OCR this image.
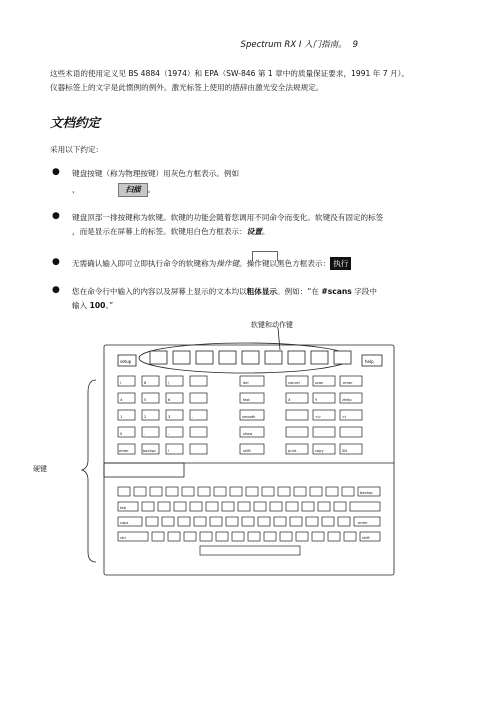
Spectrum RX I 入门指南。 9
这些术语的使用定义见 BS 4884（1974）和 EPA（SW-846 第 1 章中的质量保证要求，1991 年 7 月）。
仪器标签上的文字是此惯例的例外。激光标签上使用的措辞由激光安全法规规定。
文档约定
采用以下约定：
● 键盘按键（称为物理按键）用灰色方框表示。例如
，	扫描 。
● 键盘顶部一排按键称为软键。软键的功能会随着您调用不同命令而变化。软键没有固定的标签
，而是显示在屏幕上的标签。软键用白色方框表示：设置。
● 无需确认输入即可立即执行命令的软键称为操作键。操作键以黑色方框表示： 执行
● 您在命令行中输入的内容以及屏幕上显示的文本均以粗体显示。例如：“在 #scans 字段中
输入 100。”
软键和动作键
硬键
setup	help
i	8	/	del	cancel	scan	enter
4	5	6	fast	X	Y	zhelp
1	2	3	-	smooth	<>	>(
0	.	-	show
enter	backsp	!	shift	print	copy	SN
backsp
tab
caps	enter
ctrl	shift
